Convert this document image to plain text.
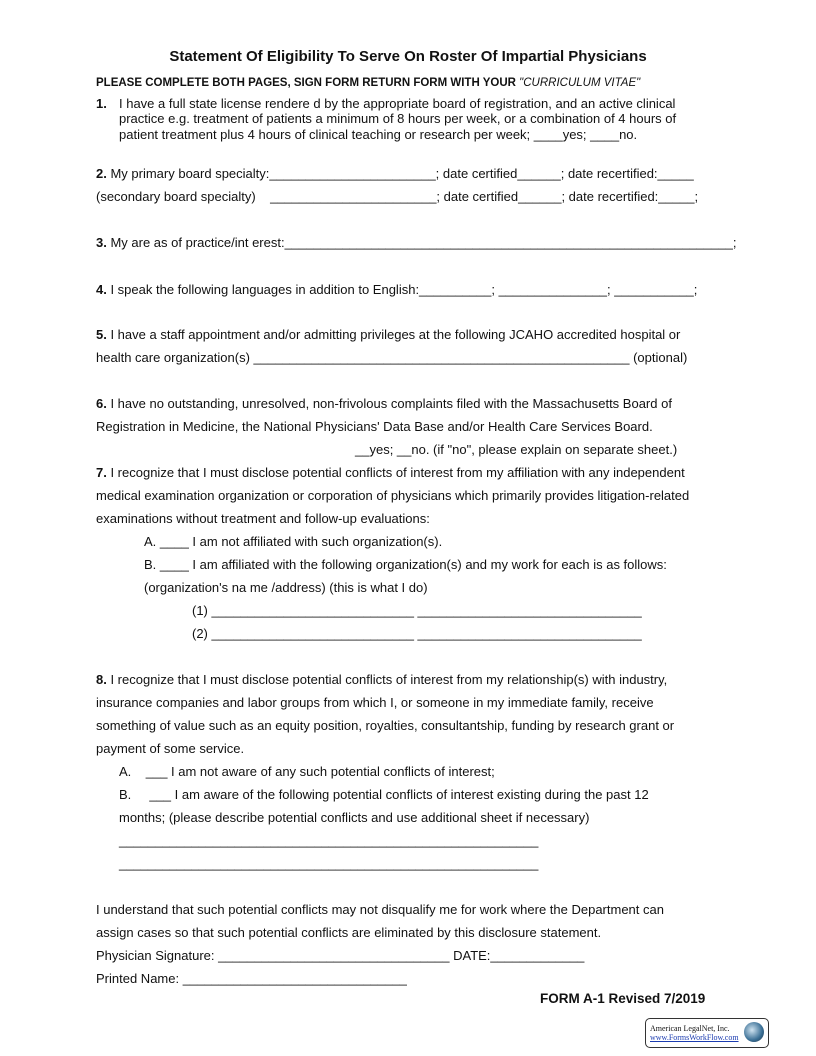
Statement Of Eligibility To Serve On Roster Of Impartial Physicians
PLEASE COMPLETE BOTH PAGES, SIGN FORM RETURN FORM WITH YOUR "CURRICULUM VITAE"
1. I have a full state license rendere d by the appropriate board of registration, and an active clinical
practice e.g. treatment of patients a minimum of 8 hours per week, or a combination of 4 hours of
patient treatment plus 4 hours of clinical teaching or research per week; ____yes; ____no.
2. My primary board specialty:_______________________; date certified______; date recertified:_____
(secondary board specialty)    _______________________; date certified______; date recertified:_____;
3. My are as of practice/int erest:______________________________________________________________;
4. I speak the following languages in addition to English:__________; _______________; ___________;
5. I have a staff appointment and/or admitting privileges at the following JCAHO accredited hospital or
health care organization(s) ____________________________________________________ (optional)
6. I have no outstanding, unresolved, non-frivolous complaints filed with the Massachusetts Board of
Registration in Medicine, the National Physicians' Data Base and/or Health Care Services Board.
__yes; __no. (if "no", please explain on separate sheet.)
7. I recognize that I must disclose potential conflicts of interest from my affiliation with any independent
medical examination organization or corporation of physicians which primarily provides litigation-related
examinations without treatment and follow-up evaluations:
A. ____ I am not affiliated with such organization(s).
B. ____ I am affiliated with the following organization(s) and my work for each is as follows:
(organization's na me /address) (this is what I do)
(1) ____________________________ _______________________________
(2) ____________________________ _______________________________
8. I recognize that I must disclose potential conflicts of interest from my relationship(s) with industry,
insurance companies and labor groups from which I, or someone in my immediate family, receive
something of value such as an equity position, royalties, consultantship, funding by research grant or
payment of some service.
A.    ___ I am not aware of any such potential conflicts of interest;
B.     ___ I am aware of the following potential conflicts of interest existing during the past 12
months; (please describe potential conflicts and use additional sheet if necessary)
__________________________________________________________
__________________________________________________________
I understand that such potential conflicts may not disqualify me for work where the Department can
assign cases so that such potential conflicts are eliminated by this disclosure statement.
Physician Signature: ________________________________ DATE:_____________
Printed Name: _______________________________
FORM A-1 Revised 7/2019
American LegalNet, Inc.
www.FormsWorkFlow.com
